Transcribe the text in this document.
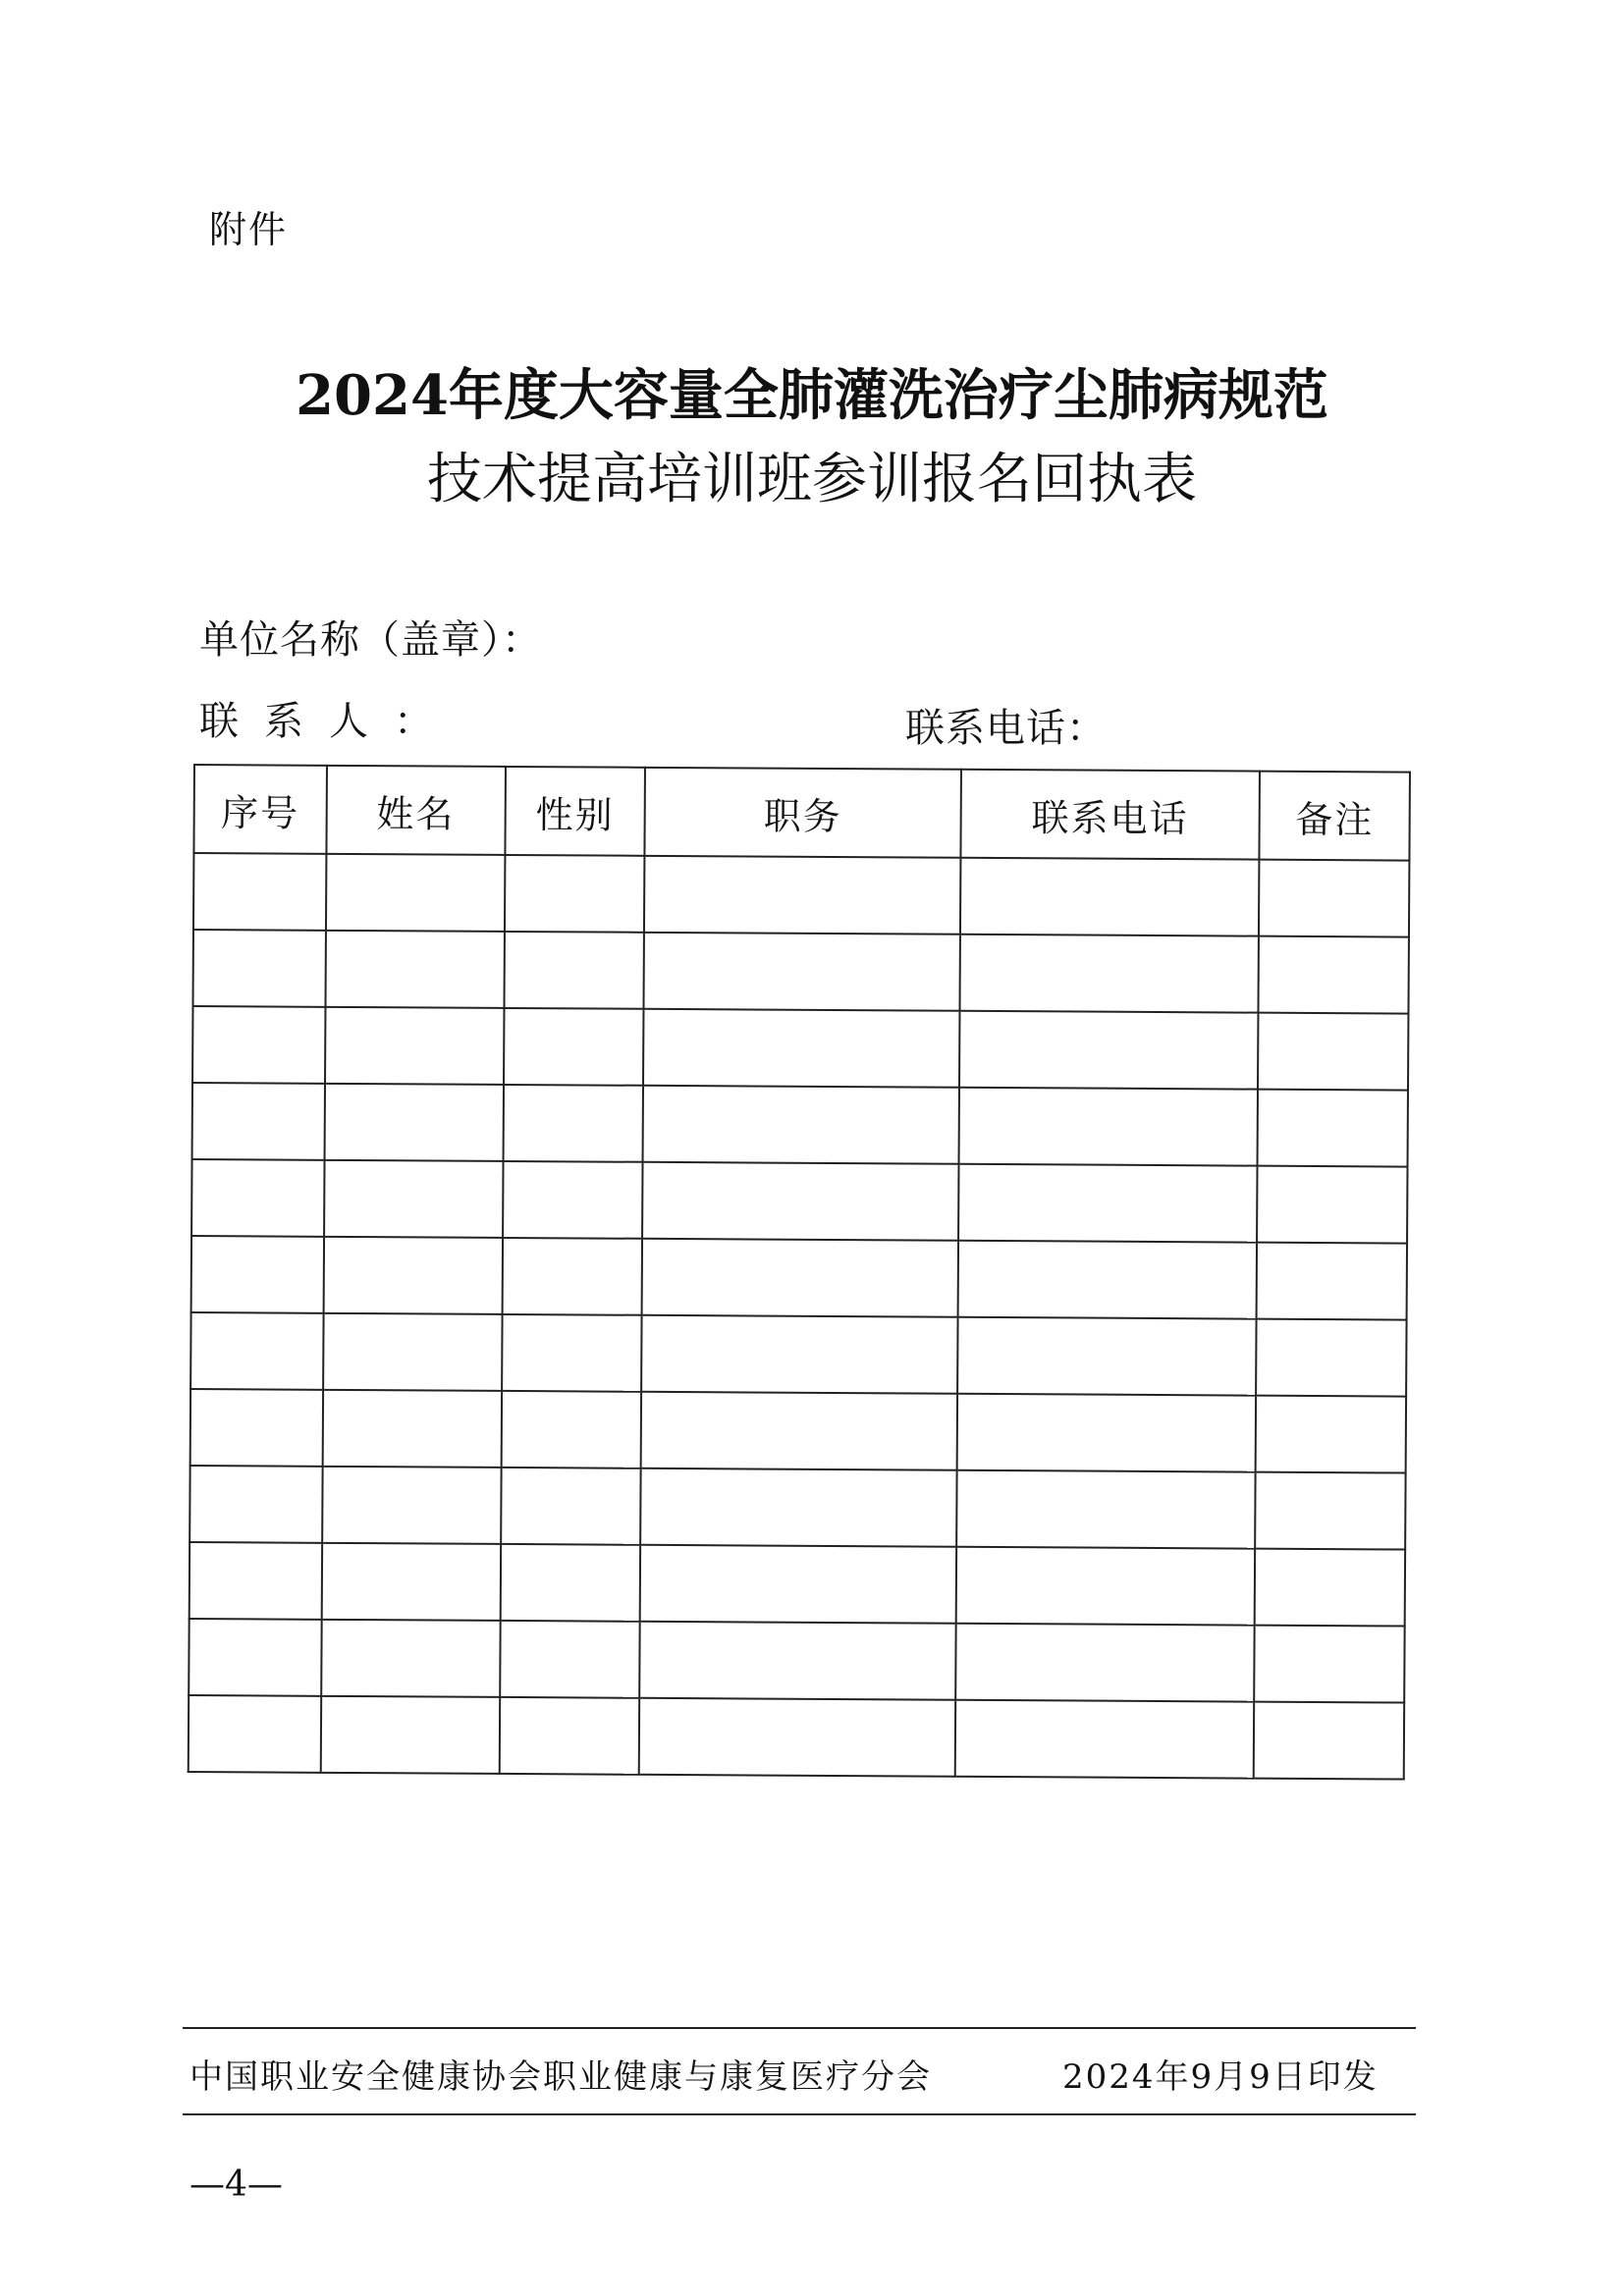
附件
2024年度大容量全肺灌洗治疗尘肺病规范
技术提高培训班参训报名回执表
单位名称（盖章）：
联系人：	联系电话：
序号	姓名	性别	职务	联系电话	备注

中国职业安全健康协会职业健康与康复医疗分会	2024年9月9日印发
—4—
